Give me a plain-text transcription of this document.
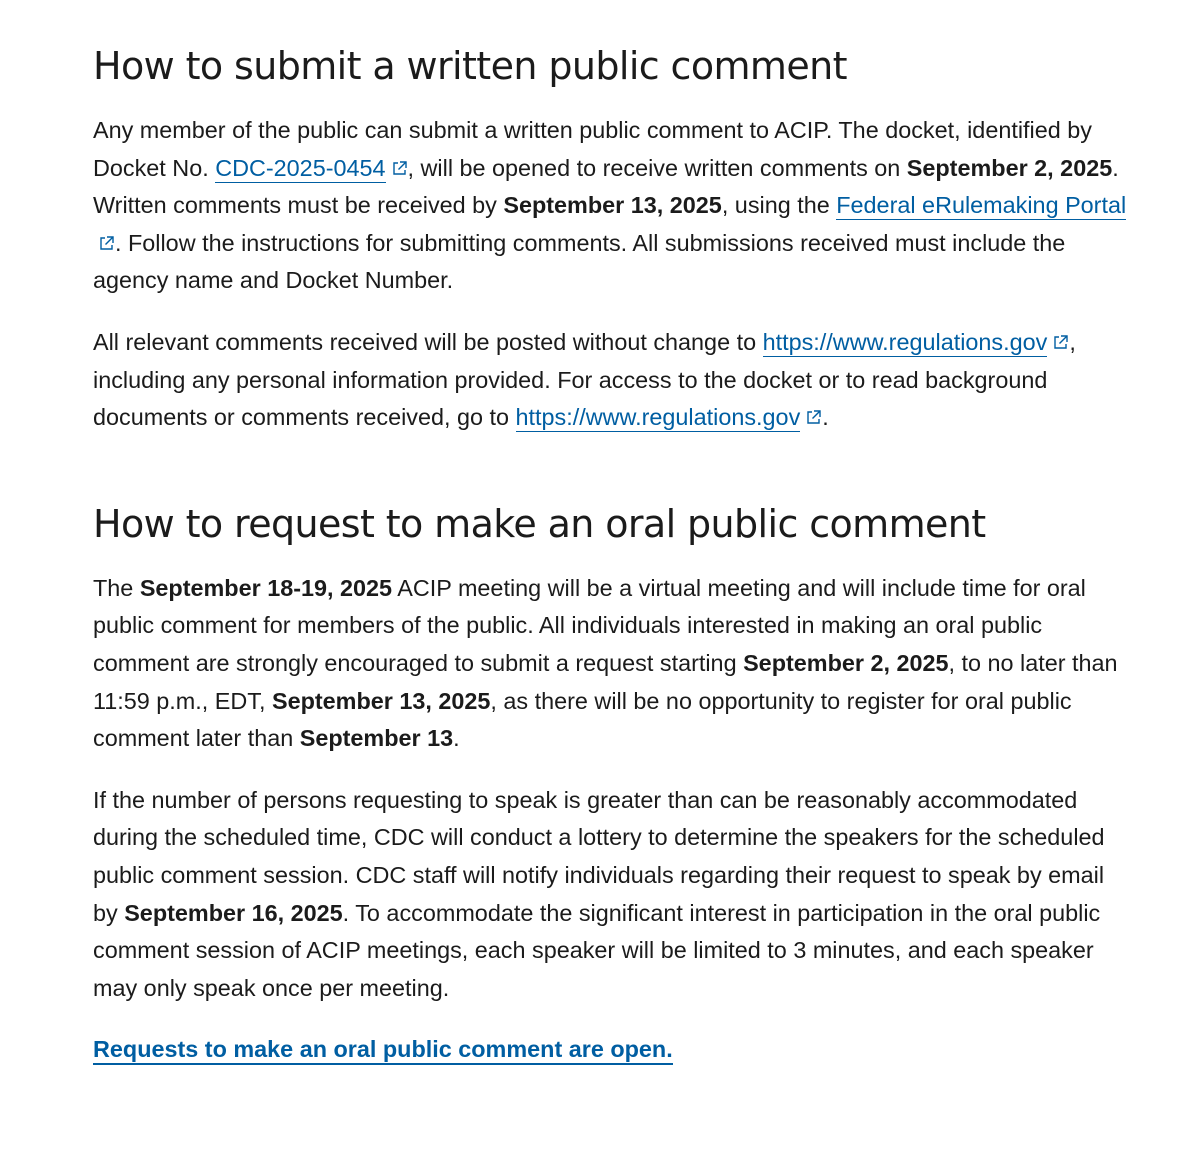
How to submit a written public comment

Any member of the public can submit a written public comment to ACIP. The docket, identified by Docket No. CDC-2025-0454 , will be opened to receive written comments on September 2, 2025. Written comments must be received by September 13, 2025, using the Federal eRulemaking Portal
. Follow the instructions for submitting comments. All submissions received must include the agency name and Docket Number.

All relevant comments received will be posted without change to https://www.regulations.gov , including any personal information provided. For access to the docket or to read background documents or comments received, go to https://www.regulations.gov .

How to request to make an oral public comment

The September 18-19, 2025 ACIP meeting will be a virtual meeting and will include time for oral public comment for members of the public. All individuals interested in making an oral public comment are strongly encouraged to submit a request starting September 2, 2025, to no later than 11:59 p.m., EDT, September 13, 2025, as there will be no opportunity to register for oral public comment later than September 13.

If the number of persons requesting to speak is greater than can be reasonably accommodated during the scheduled time, CDC will conduct a lottery to determine the speakers for the scheduled public comment session. CDC staff will notify individuals regarding their request to speak by email by September 16, 2025. To accommodate the significant interest in participation in the oral public comment session of ACIP meetings, each speaker will be limited to 3 minutes, and each speaker may only speak once per meeting.

Requests to make an oral public comment are open.
